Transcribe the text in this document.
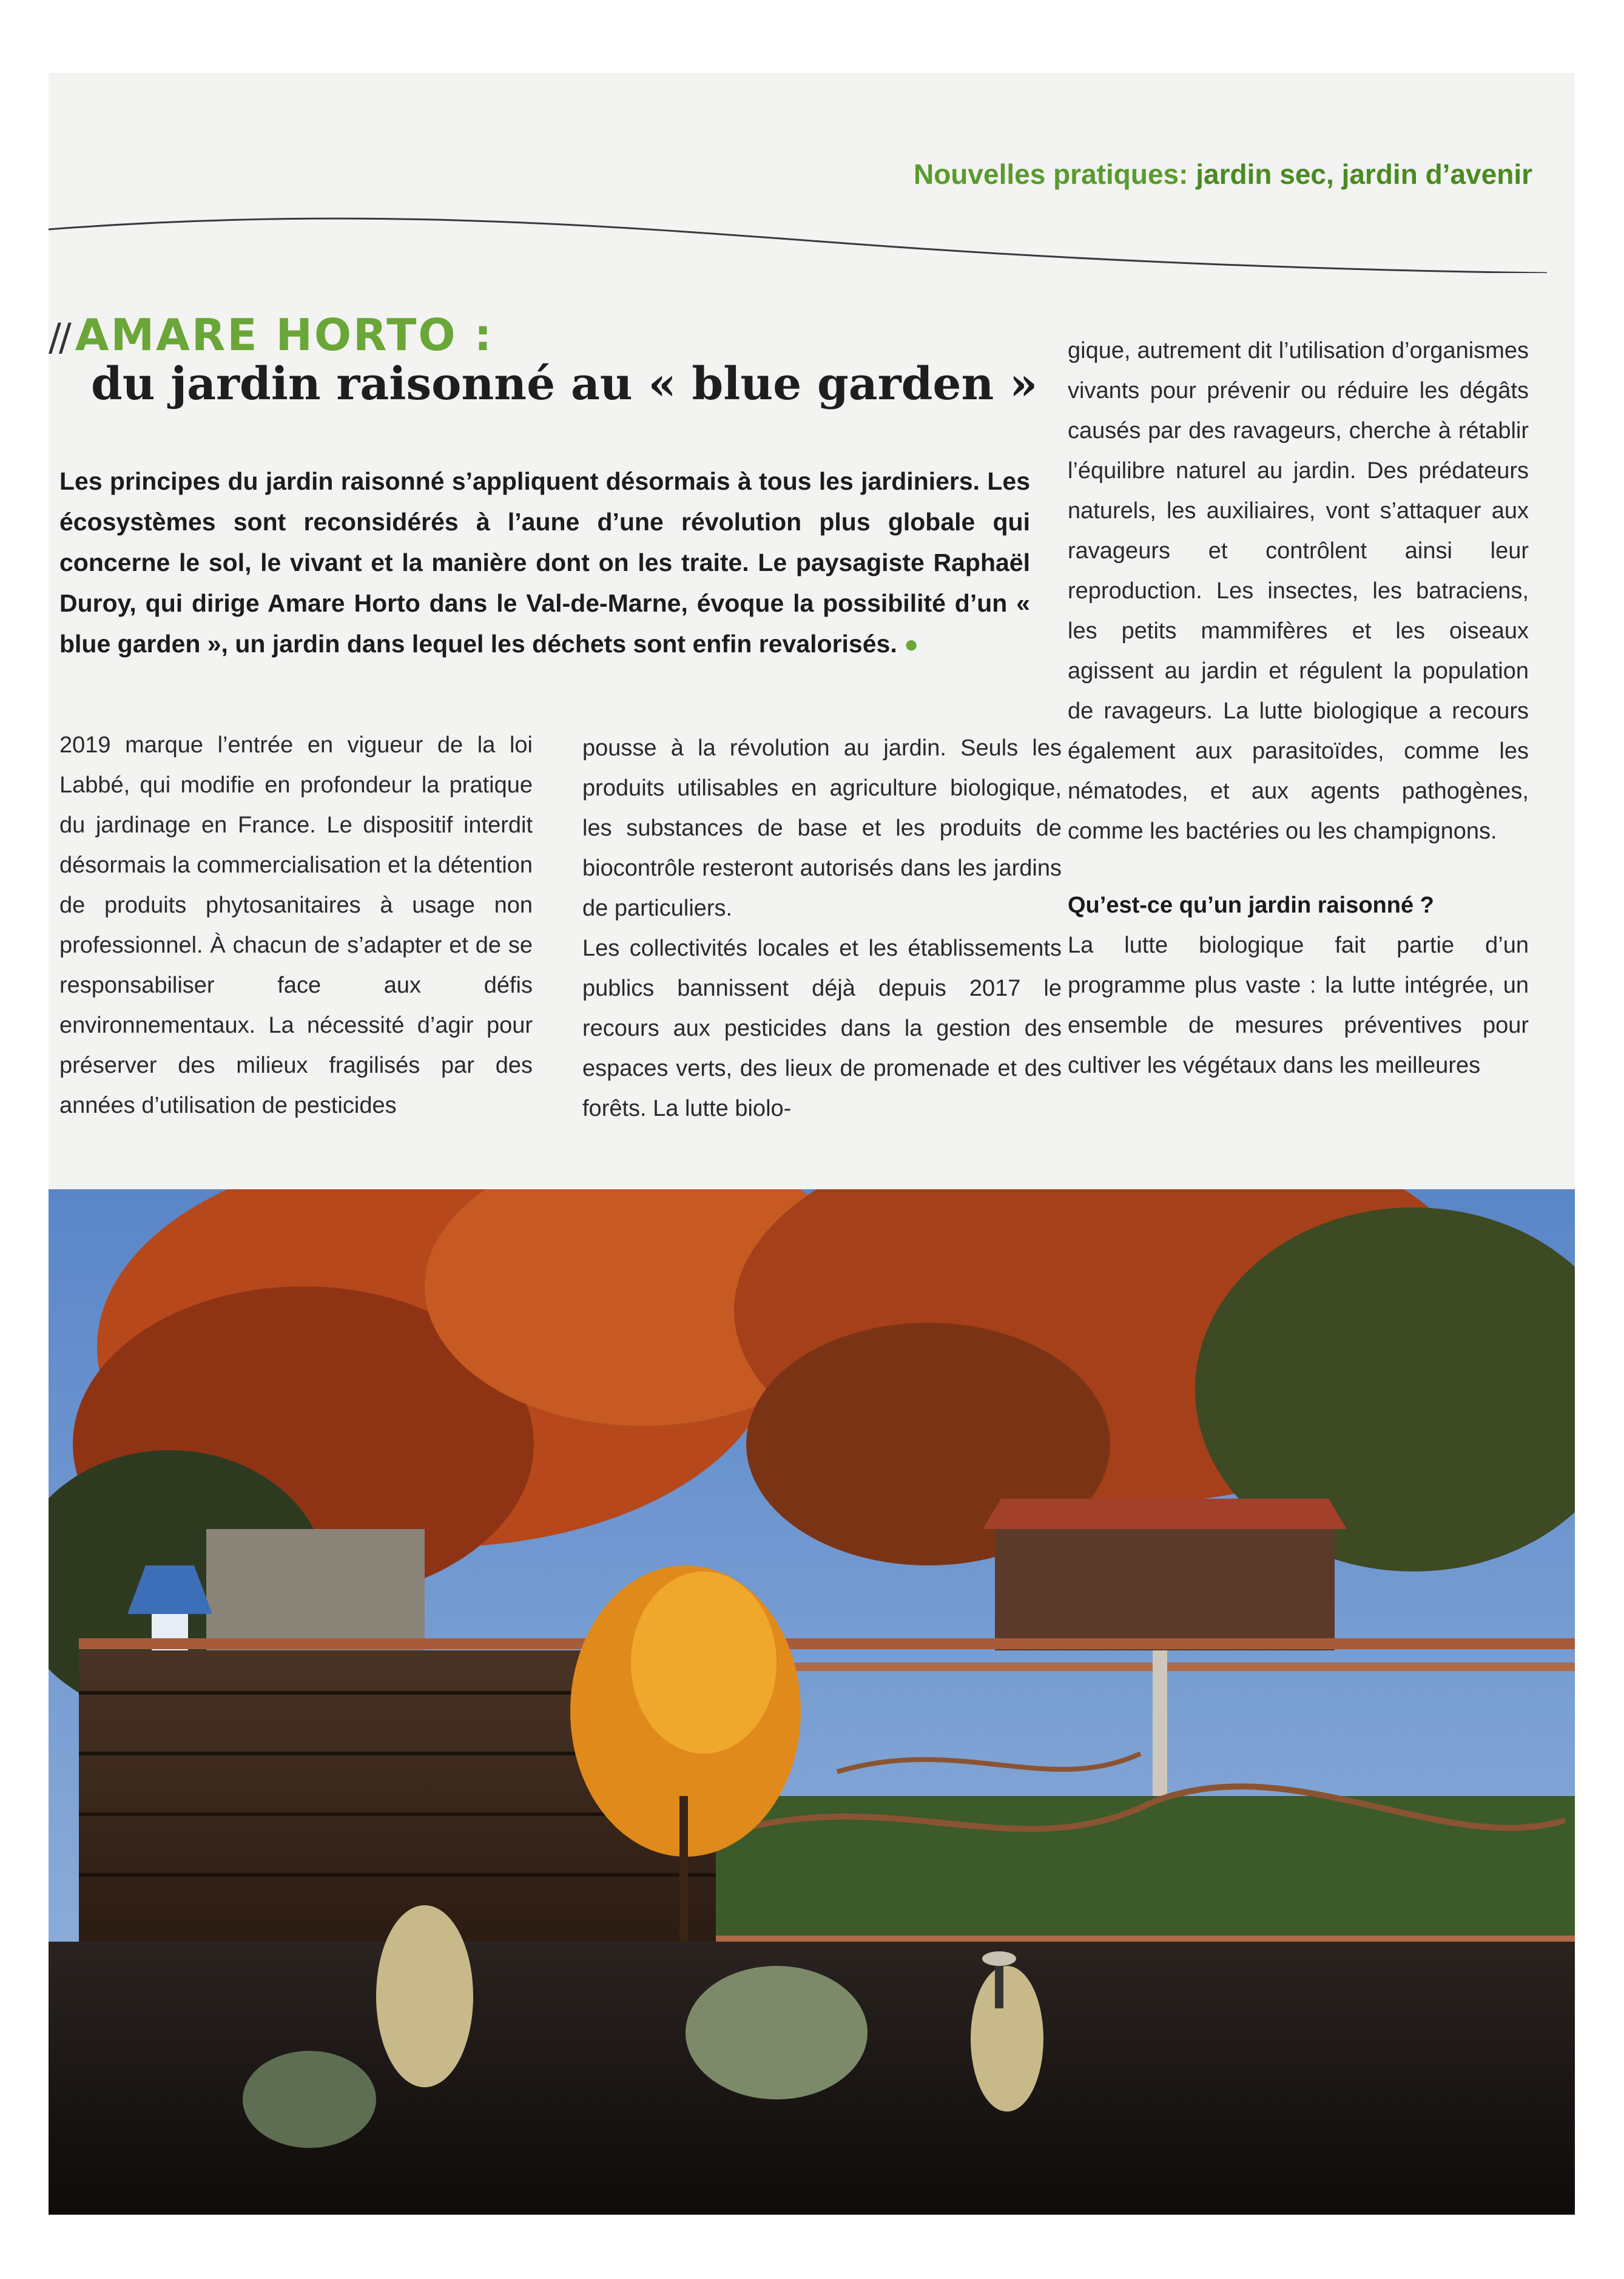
Nouvelles pratiques: jardin sec, jardin d’avenir
// AMARE HORTO :
du jardin raisonné au « blue garden »
Les principes du jardin raisonné s’appliquent désormais à tous les jardiniers. Les écosystèmes sont reconsidérés à l’aune d’une révolution plus globale qui concerne le sol, le vivant et la manière dont on les traite. Le paysagiste Raphaël Duroy, qui dirige Amare Horto dans le Val-de-Marne, évoque la possibilité d’un « blue garden », un jardin dans lequel les déchets sont enfin revalorisés. ●
2019 marque l’entrée en vigueur de la loi Labbé, qui modifie en profondeur la pratique du jardinage en France. Le dispositif interdit désormais la commercialisation et la détention de produits phytosanitaires à usage non professionnel. À chacun de s’adapter et de se responsabiliser face aux défis environnementaux. La nécessité d’agir pour préserver des milieux fragilisés par des années d’utilisation de pesticides
pousse à la révolution au jardin. Seuls les produits utilisables en agriculture biologique, les substances de base et les produits de biocontrôle resteront autorisés dans les jardins de particuliers.
Les collectivités locales et les établissements publics bannissent déjà depuis 2017 le recours aux pesticides dans la gestion des espaces verts, des lieux de promenade et des forêts. La lutte biolo-
gique, autrement dit l’utilisation d’organismes vivants pour prévenir ou réduire les dégâts causés par des ravageurs, cherche à rétablir l’équilibre naturel au jardin. Des prédateurs naturels, les auxiliaires, vont s’attaquer aux ravageurs et contrôlent ainsi leur reproduction. Les insectes, les batraciens, les petits mammifères et les oiseaux agissent au jardin et régulent la population de ravageurs. La lutte biologique a recours également aux parasitoïdes, comme les nématodes, et aux agents pathogènes, comme les bactéries ou les champignons.
Qu’est-ce qu’un jardin raisonné ?
La lutte biologique fait partie d’un programme plus vaste : la lutte intégrée, un ensemble de mesures préventives pour cultiver les végétaux dans les meilleures
